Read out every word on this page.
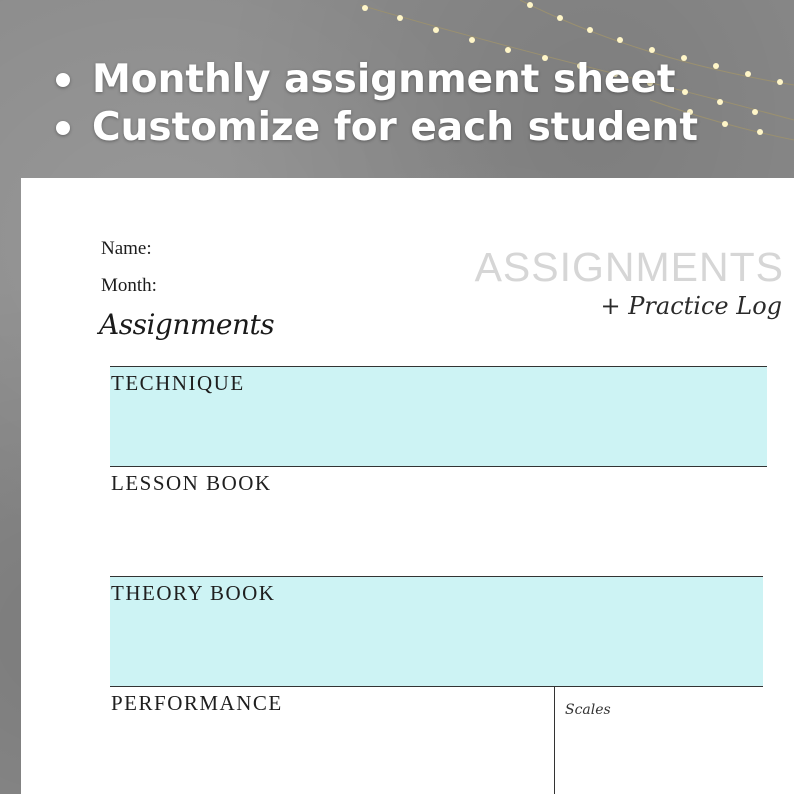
Monthly assignment sheet
Customize for each student
Name:
Month:
Assignments
ASSIGNMENTS
+ Practice Log
TECHNIQUE
LESSON BOOK
THEORY BOOK
PERFORMANCE	Scales
